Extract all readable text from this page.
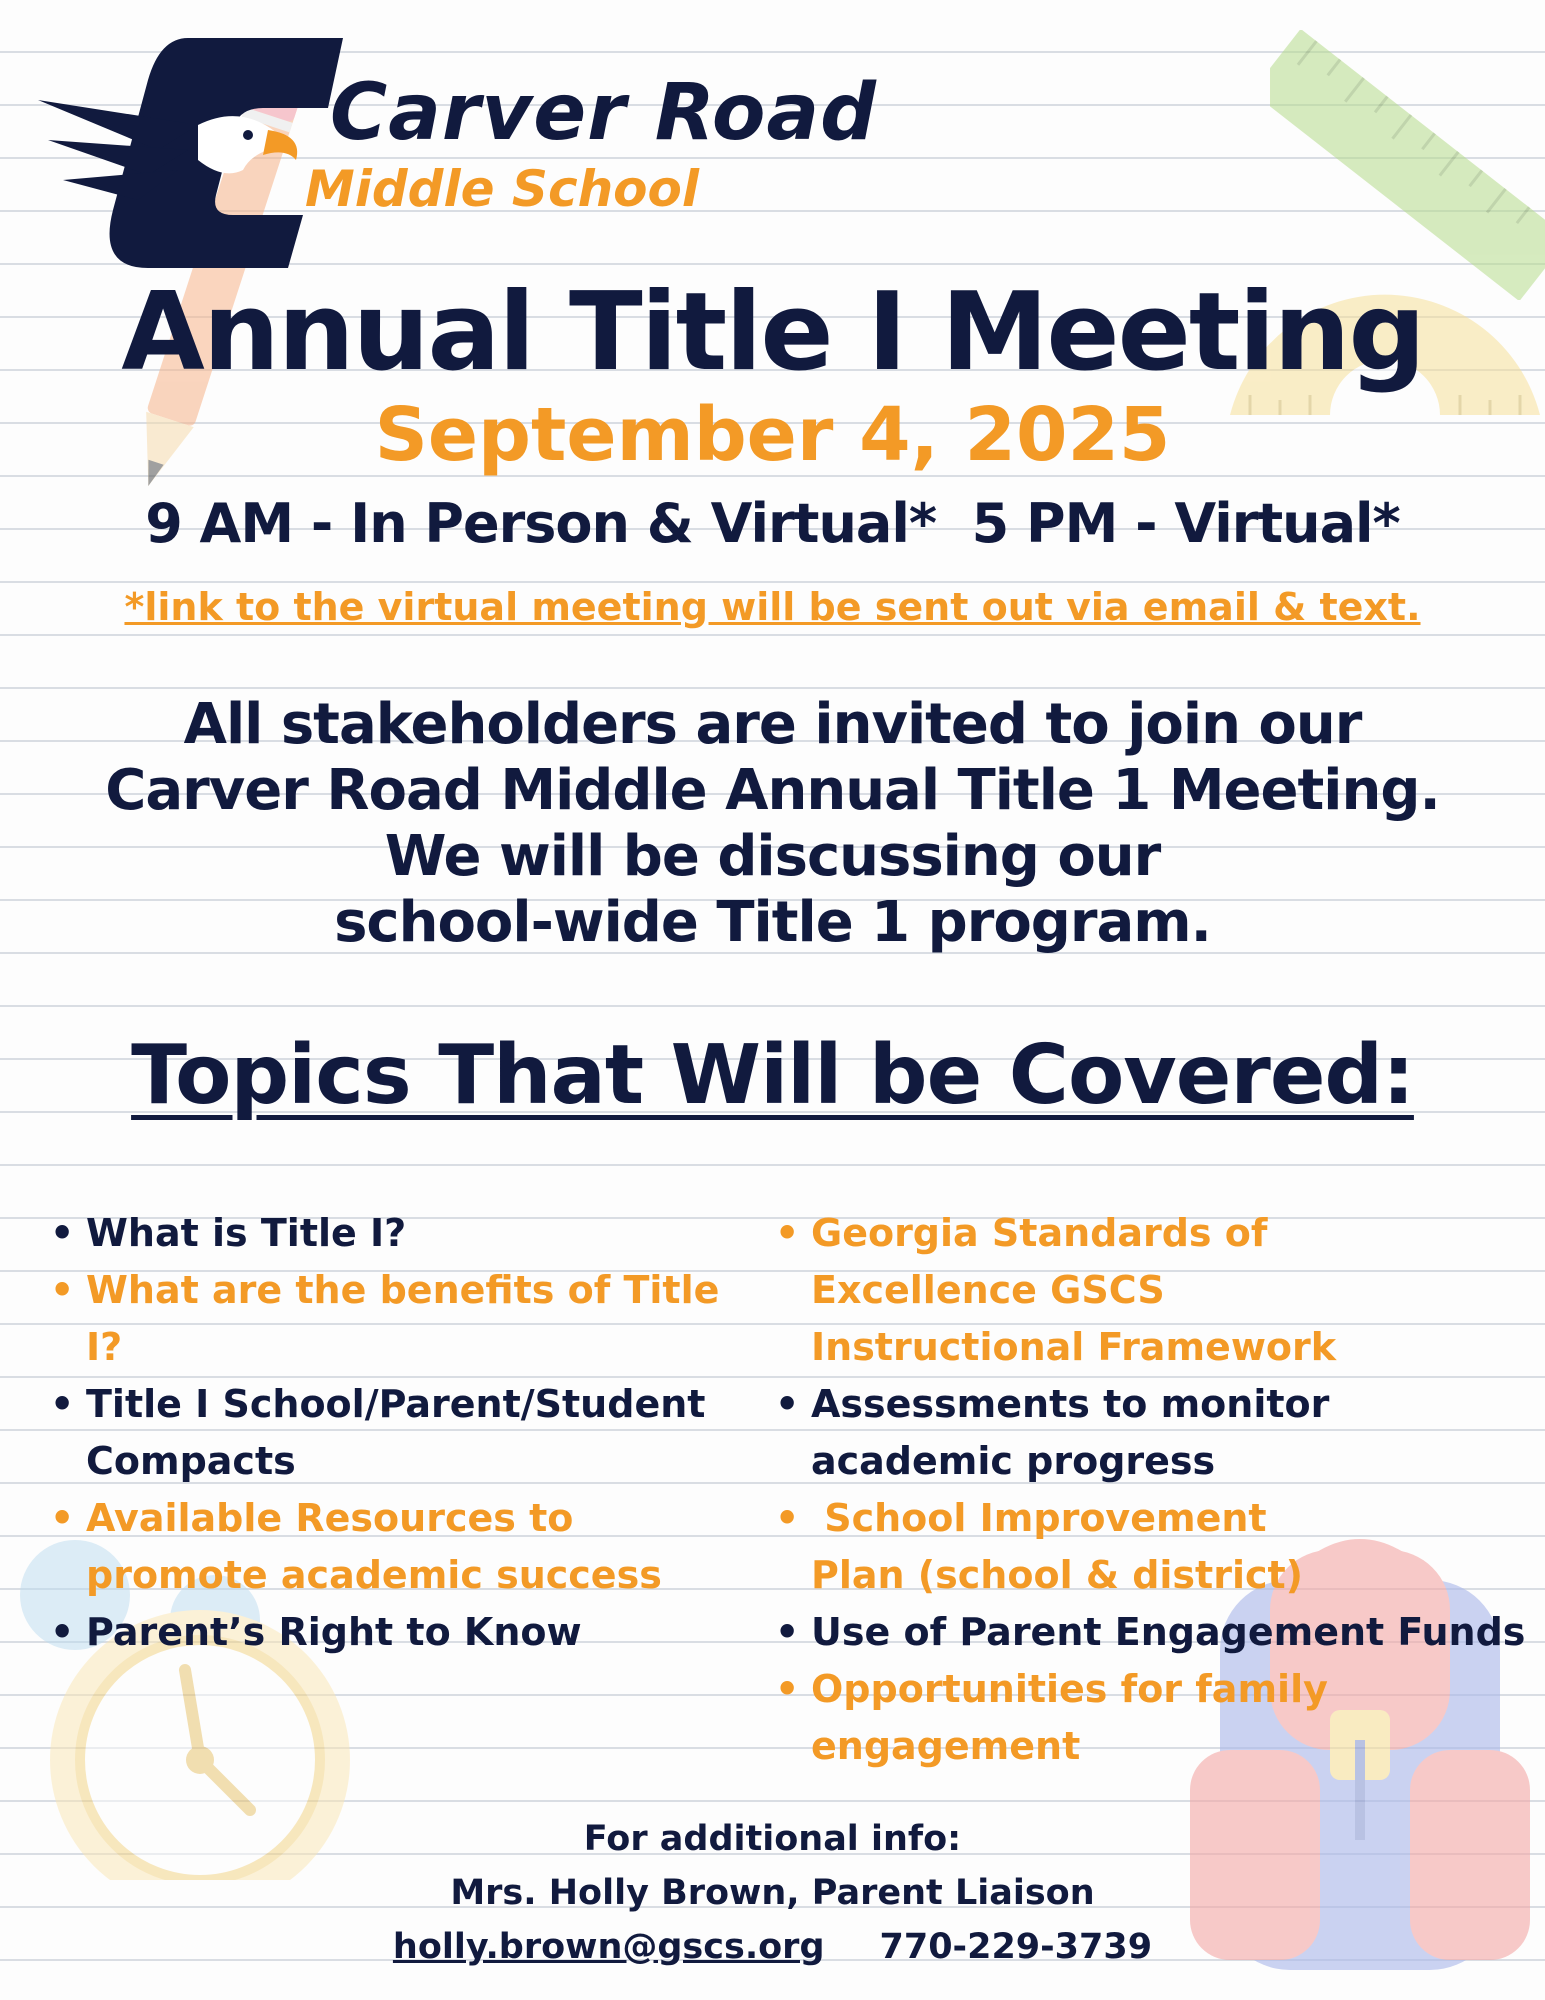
Carver Road
Middle School
Annual Title I Meeting
September 4, 2025
9 AM - In Person & Virtual*  5 PM - Virtual*
*link to the virtual meeting will be sent out via email & text.
All stakeholders are invited to join our
Carver Road Middle Annual Title 1 Meeting.
We will be discussing our
school-wide Title 1 program.
Topics That Will be Covered:
• What is Title I?
• What are the benefits of Title I?
• Title I School/Parent/Student Compacts
• Available Resources to promote academic success
• Parent’s Right to Know
• Georgia Standards of Excellence GSCS Instructional Framework
• Assessments to monitor academic progress
•  School Improvement Plan (school & district)
• Use of Parent Engagement Funds
• Opportunities for family engagement
For additional info:
Mrs. Holly Brown, Parent Liaison
holly.brown@gscs.org 770-229-3739
